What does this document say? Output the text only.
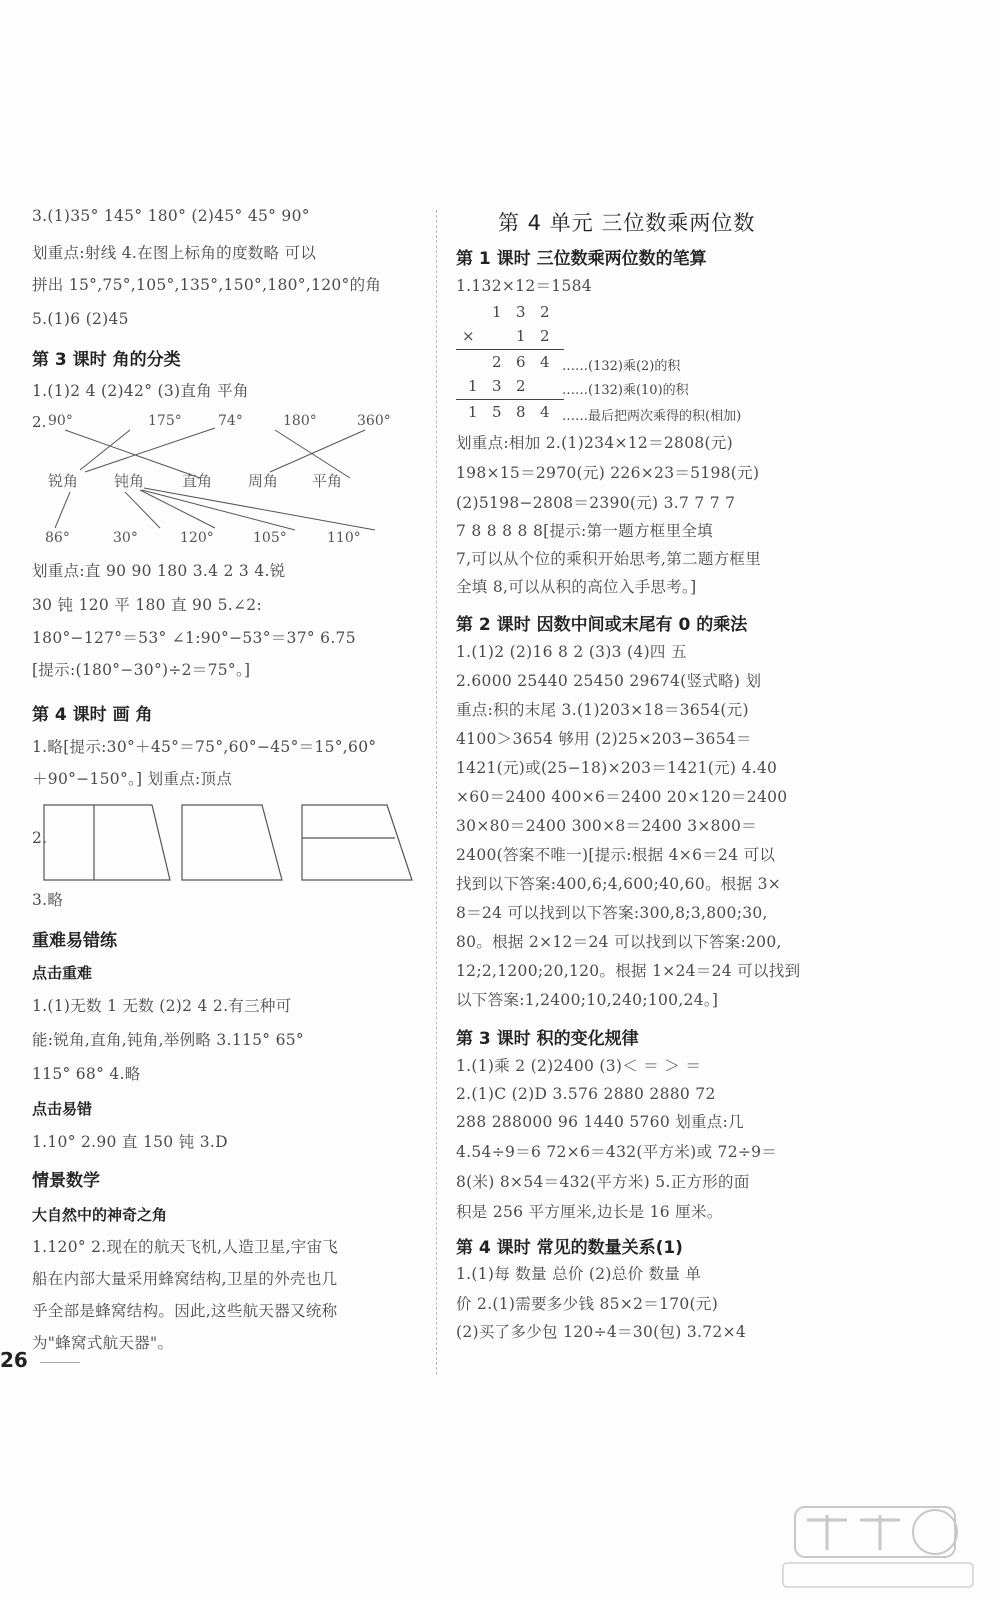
3.(1)35° 145° 180° (2)45° 45° 90°
划重点:射线 4.在图上标角的度数略 可以
拼出 15°,75°,105°,135°,150°,180°,120°的角
5.(1)6 (2)45
第 3 课时 角的分类
1.(1)2 4 (2)42° (3)直角 平角
2. 90°	175°	74°	180°	360°
锐角 钝角	直角 周角 平角
86°	30°	120°	105°	110°
划重点:直 90 90 180 3.4 2 3 4.锐
30 钝 120 平 180 直 90 5.∠2:
180°−127°＝53° ∠1:90°−53°＝37° 6.75
[提示:(180°−30°)÷2＝75°。]
第 4 课时 画 角
1.略[提示:30°＋45°＝75°,60°−45°＝15°,60°
＋90°−150°。] 划重点:顶点
2.
3.略
重难易错练
点击重难
1.(1)无数 1 无数 (2)2 4 2.有三种可
能:锐角,直角,钝角,举例略 3.115° 65°
115° 68° 4.略
点击易错
1.10° 2.90 直 150 钝 3.D
情景数学
大自然中的神奇之角
1.120° 2.现在的航天飞机,人造卫星,宇宙飞
船在内部大量采用蜂窝结构,卫星的外壳也几
乎全部是蜂窝结构。因此,这些航天器又统称
为"蜂窝式航天器"。
第 4 单元 三位数乘两位数
第 1 课时 三位数乘两位数的笔算
1.132×12＝1584
1 3 2
×	1 2
2 6 4 ……(132)乘(2)的积
1 3 2	……(132)乘(10)的积
1 5 8 4 ……最后把两次乘得的积(相加)
划重点:相加 2.(1)234×12＝2808(元)
198×15＝2970(元) 226×23＝5198(元)
(2)5198−2808＝2390(元) 3.7 7 7 7
7 8 8 8 8 8[提示:第一题方框里全填
7,可以从个位的乘积开始思考,第二题方框里
全填 8,可以从积的高位入手思考。]
第 2 课时 因数中间或末尾有 0 的乘法
1.(1)2 (2)16 8 2 (3)3 (4)四 五
2.6000 25440 25450 29674(竖式略) 划
重点:积的末尾 3.(1)203×18＝3654(元)
4100＞3654 够用 (2)25×203−3654＝
1421(元)或(25−18)×203＝1421(元) 4.40
×60＝2400 400×6＝2400 20×120＝2400
30×80＝2400 300×8＝2400 3×800＝
2400(答案不唯一)[提示:根据 4×6＝24 可以
找到以下答案:400,6;4,600;40,60。根据 3×
8＝24 可以找到以下答案:300,8;3,800;30,
80。根据 2×12＝24 可以找到以下答案:200,
12;2,1200;20,120。根据 1×24＝24 可以找到
以下答案:1,2400;10,240;100,24。]
第 3 课时 积的变化规律
1.(1)乘 2 (2)2400 (3)＜ ＝ ＞ ＝
2.(1)C (2)D 3.576 2880 2880 72
288 288000 96 1440 5760 划重点:几
4.54÷9＝6 72×6＝432(平方米)或 72÷9＝
8(米) 8×54＝432(平方米) 5.正方形的面
积是 256 平方厘米,边长是 16 厘米。
第 4 课时 常见的数量关系(1)
1.(1)每 数量 总价 (2)总价 数量 单
价 2.(1)需要多少钱 85×2＝170(元)
(2)买了多少包 120÷4＝30(包) 3.72×4
26
